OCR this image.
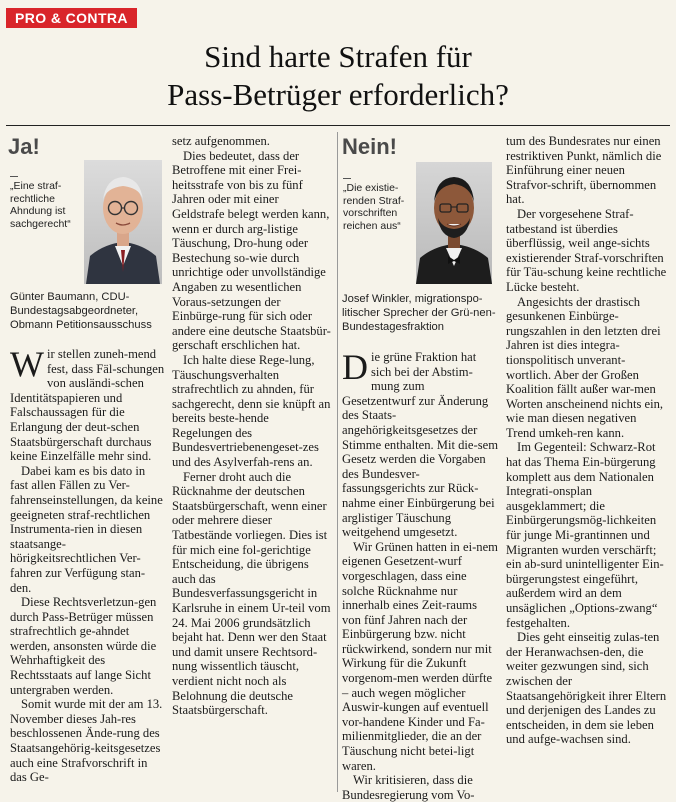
PRO & CONTRA
Sind harte Strafen für
Pass-Betrüger erforderlich?
Ja!
„Eine straf-rechtliche Ahndung ist sachgerecht“
Günter Baumann, CDU-Bundestagsabgeordneter, Obmann Petitionsausschuss

Wir stellen zuneh-mend fest, dass Fäl-schungen von ausländi-schen Identitätspapieren und Falschaussagen für die Erlangung der deut-schen Staatsbürgerschaft durchaus keine Einzelfälle mehr sind.

Dabei kam es bis dato in fast allen Fällen zu Ver-fahrenseinstellungen, da keine geeigneten straf-rechtlichen Instrumenta-rien in diesen staatsange-hörigkeitsrechtlichen Ver-fahren zur Verfügung stan-den.

Diese Rechtsverletzun-gen durch Pass-Betrüger müssen strafrechtlich ge-ahndet werden, ansonsten würde die Wehrhaftigkeit des Rechtsstaats auf lange Sicht untergraben werden.

Somit wurde mit der am 13. November dieses Jah-res beschlossenen Ände-rung des Staatsangehörig-keitsgesetzes auch eine Strafvorschrift in das Ge-

setz aufgenommen.

Dies bedeutet, dass der Betroffene mit einer Frei-heitsstrafe von bis zu fünf Jahren oder mit einer Geldstrafe belegt werden kann, wenn er durch arg-listige Täuschung, Dro-hung oder Bestechung so-wie durch unrichtige oder unvollständige Angaben zu wesentlichen Voraus-setzungen der Einbürge-rung für sich oder andere eine deutsche Staatsbür-gerschaft erschlichen hat.

Ich halte diese Rege-lung, Täuschungsverhalten strafrechtlich zu ahnden, für sachgerecht, denn sie knüpft an bereits beste-hende Regelungen des Bundesvertriebenengeset-zes und des Asylverfah-rens an.

Ferner droht auch die Rücknahme der deutschen Staatsbürgerschaft, wenn einer oder mehrere dieser Tatbestände vorliegen. Dies ist für mich eine fol-gerichtige Entscheidung, die übrigens auch das Bundesverfassungsgericht in Karlsruhe in einem Ur-teil vom 24. Mai 2006 grundsätzlich bejaht hat. Denn wer den Staat und damit unsere Rechtsord-nung wissentlich täuscht, verdient nicht noch als Belohnung die deutsche Staatsbürgerschaft.

Nein!
„Die existie-renden Straf-vorschriften reichen aus“
Josef Winkler, migrationspo-litischer Sprecher der Grü-nen-Bundestagesfraktion

Die grüne Fraktion hat sich bei der Abstim-mung zum Gesetzentwurf zur Änderung des Staats-angehörigkeitsgesetzes der Stimme enthalten. Mit die-sem Gesetz werden die Vorgaben des Bundesver-fassungsgerichts zur Rück-nahme einer Einbürgerung bei arglistiger Täuschung weitgehend umgesetzt.

Wir Grünen hatten in ei-nem eigenen Gesetzent-wurf vorgeschlagen, dass eine solche Rücknahme nur innerhalb eines Zeit-raums von fünf Jahren nach der Einbürgerung bzw. nicht rückwirkend, sondern nur mit Wirkung für die Zukunft vorgenom-men werden dürfte – auch wegen möglicher Auswir-kungen auf eventuell vor-handene Kinder und Fa-milienmitglieder, die an der Täuschung nicht betei-ligt waren.

Wir kritisieren, dass die Bundesregierung vom Vo-

tum des Bundesrates nur einen restriktiven Punkt, nämlich die Einführung einer neuen Strafvor-schrift, übernommen hat.

Der vorgesehene Straf-tatbestand ist überdies überflüssig, weil ange-sichts existierender Straf-vorschriften für Täu-schung keine rechtliche Lücke besteht.

Angesichts der drastisch gesunkenen Einbürge-rungszahlen in den letzten drei Jahren ist dies integra-tionspolitisch unverant-wortlich. Aber der Großen Koalition fällt außer war-men Worten anscheinend nichts ein, wie man diesen negativen Trend umkeh-ren kann.

Im Gegenteil: Schwarz-Rot hat das Thema Ein-bürgerung komplett aus dem Nationalen Integrati-onsplan ausgeklammert; die Einbürgerungsmög-lichkeiten für junge Mi-grantinnen und Migranten wurden verschärft; ein ab-surd unintelligenter Ein-bürgerungstest eingeführt, außerdem wird an dem unsäglichen „Options-zwang“ festgehalten.

Dies geht einseitig zulas-ten der Heranwachsen-den, die weiter gezwungen sind, sich zwischen der Staatsangehörigkeit ihrer Eltern und derjenigen des Landes zu entscheiden, in dem sie leben und aufge-wachsen sind.
